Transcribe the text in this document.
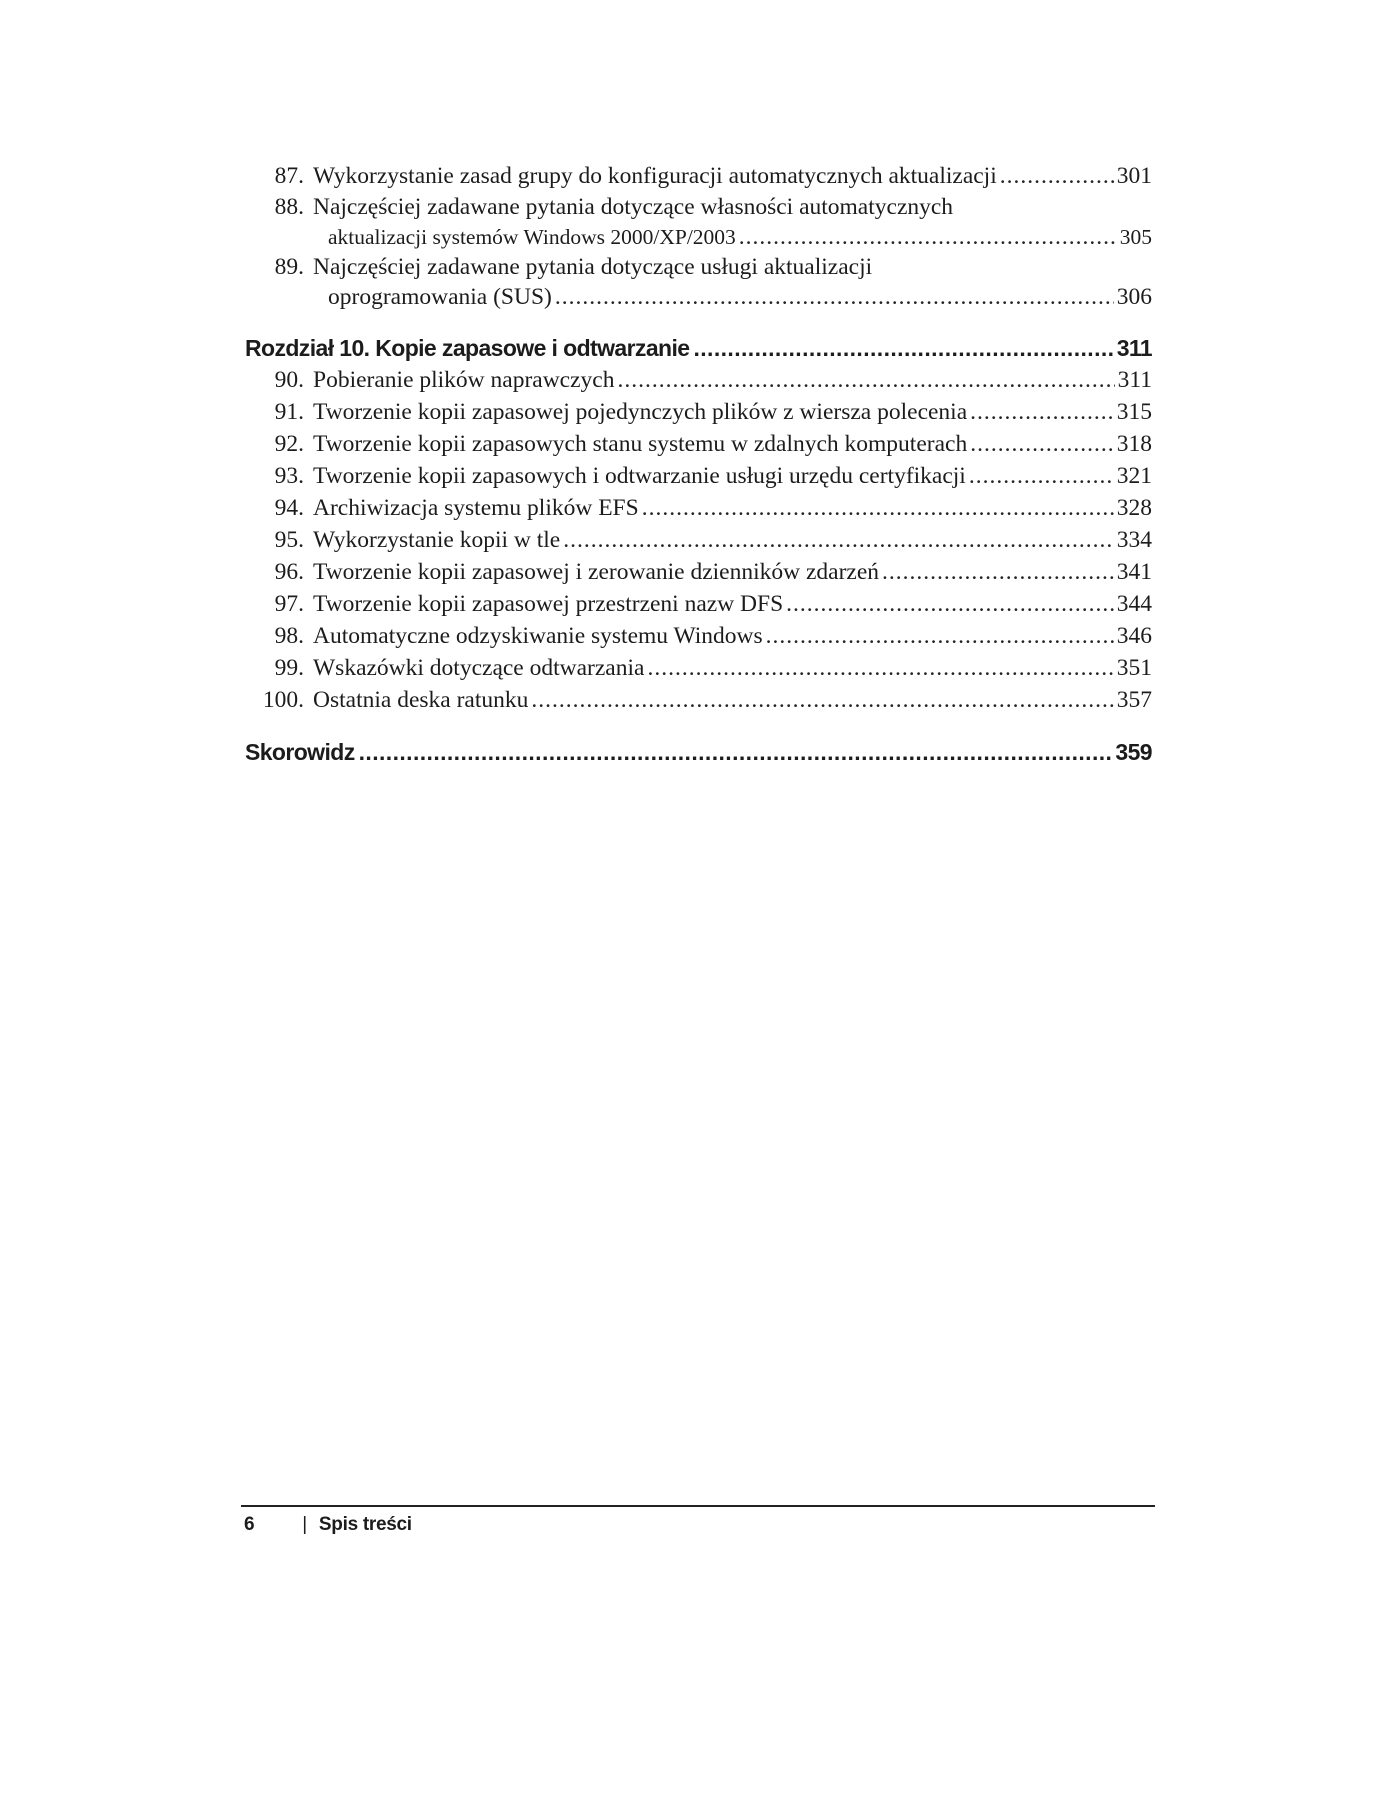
87. Wykorzystanie zasad grupy do konfiguracji automatycznych aktualizacji .....	301
88. Najczęściej zadawane pytania dotyczące własności automatycznych
aktualizacji systemów Windows 2000/XP/2003 .....	305
89. Najczęściej zadawane pytania dotyczące usługi aktualizacji
oprogramowania (SUS) .....	306
Rozdział 10. Kopie zapasowe i odtwarzanie .....	311
90. Pobieranie plików naprawczych .....	311
91. Tworzenie kopii zapasowej pojedynczych plików z wiersza polecenia .....	315
92. Tworzenie kopii zapasowych stanu systemu w zdalnych komputerach .....	318
93. Tworzenie kopii zapasowych i odtwarzanie usługi urzędu certyfikacji .....	321
94. Archiwizacja systemu plików EFS .....	328
95. Wykorzystanie kopii w tle .....	334
96. Tworzenie kopii zapasowej i zerowanie dzienników zdarzeń .....	341
97. Tworzenie kopii zapasowej przestrzeni nazw DFS .....	344
98. Automatyczne odzyskiwanie systemu Windows .....	346
99. Wskazówki dotyczące odtwarzania .....	351
100. Ostatnia deska ratunku .....	357
Skorowidz .....	359
6	| Spis treści
